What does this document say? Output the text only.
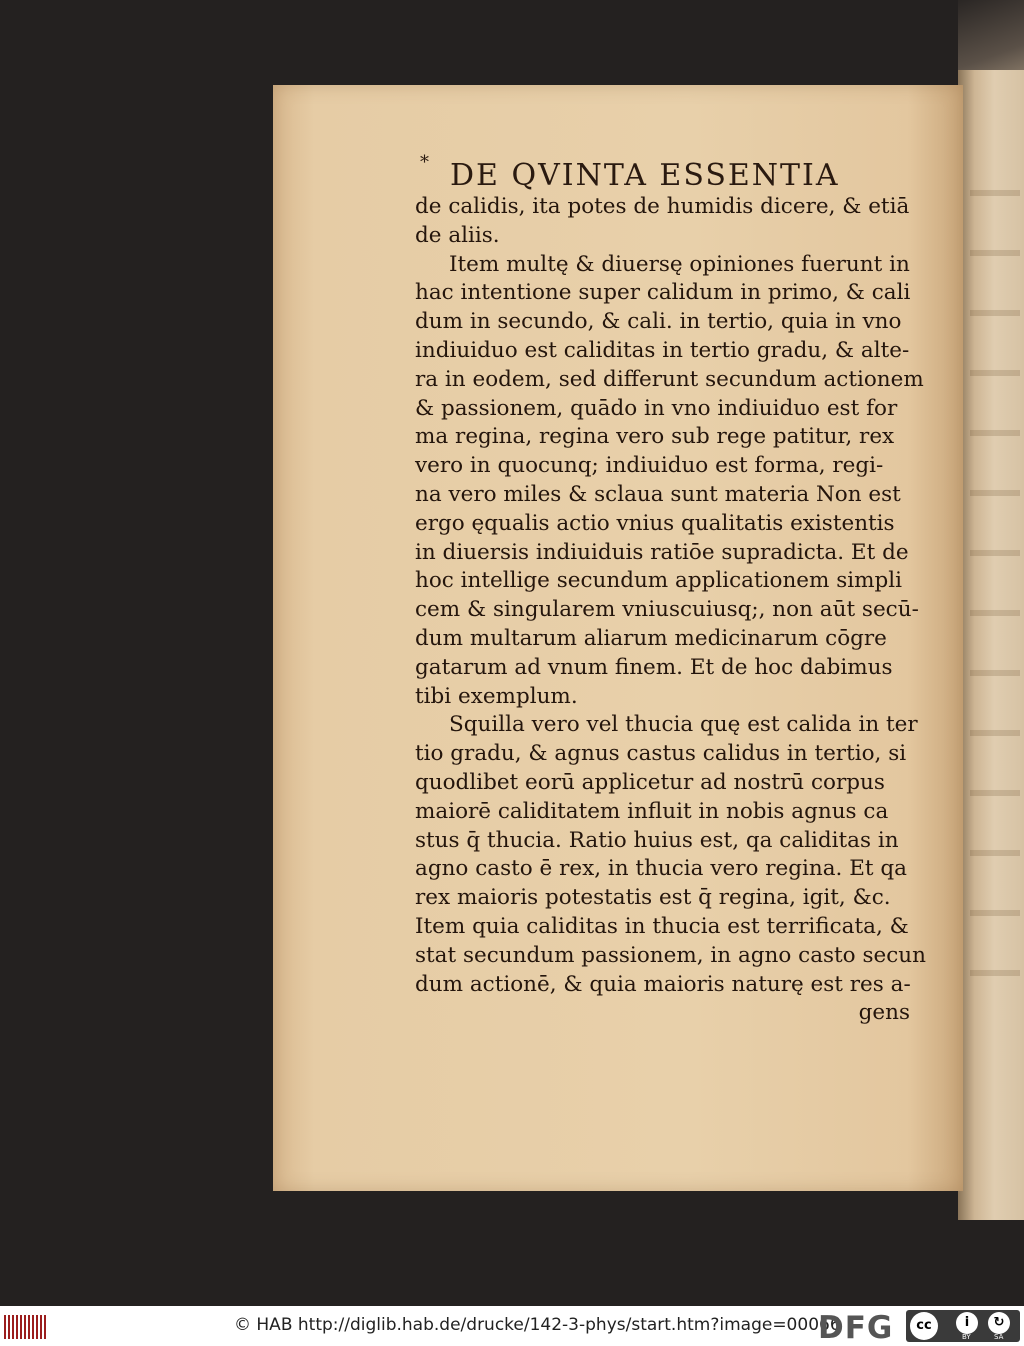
* DE QVINTA ESSENTIA
de calidis, ita potes de humidis dicere, & etiā
de aliis.
Item multę & diuersę opiniones fuerunt in
hac intentione super calidum in primo, & cali
dum in secundo, & cali. in tertio, quia in vno
indiuiduo est caliditas in tertio gradu, & alte-
ra in eodem, sed differunt secundum actionem
& passionem, quādo in vno indiuiduo est for
ma regina, regina vero sub rege patitur, rex
vero in quocunq; indiuiduo est forma, regi-
na vero miles & sclaua sunt materia Non est
ergo ęqualis actio vnius qualitatis existentis
in diuersis indiuiduis ratiōe supradicta. Et de
hoc intellige secundum applicationem simpli
cem & singularem vniuscuiusq;, non aūt secū-
dum multarum aliarum medicinarum cōgre
gatarum ad vnum finem. Et de hoc dabimus
tibi exemplum.
Squilla vero vel thucia quę est calida in ter
tio gradu, & agnus castus calidus in tertio, si
quodlibet eorū applicetur ad nostrū corpus
maiorē caliditatem influit in nobis agnus ca
stus q̄ thucia. Ratio huius est, qa caliditas in
agno casto ē rex, in thucia vero regina. Et qa
rex maioris potestatis est q̄ regina, igit, &c.
Item quia caliditas in thucia est terrificata, &
stat secundum passionem, in agno casto secun
dum actionē, & quia maioris naturę est res a-
gens
© HAB http://diglib.hab.de/drucke/142-3-phys/start.htm?image=00066
DFG	cc	i	↻
BY	SA
